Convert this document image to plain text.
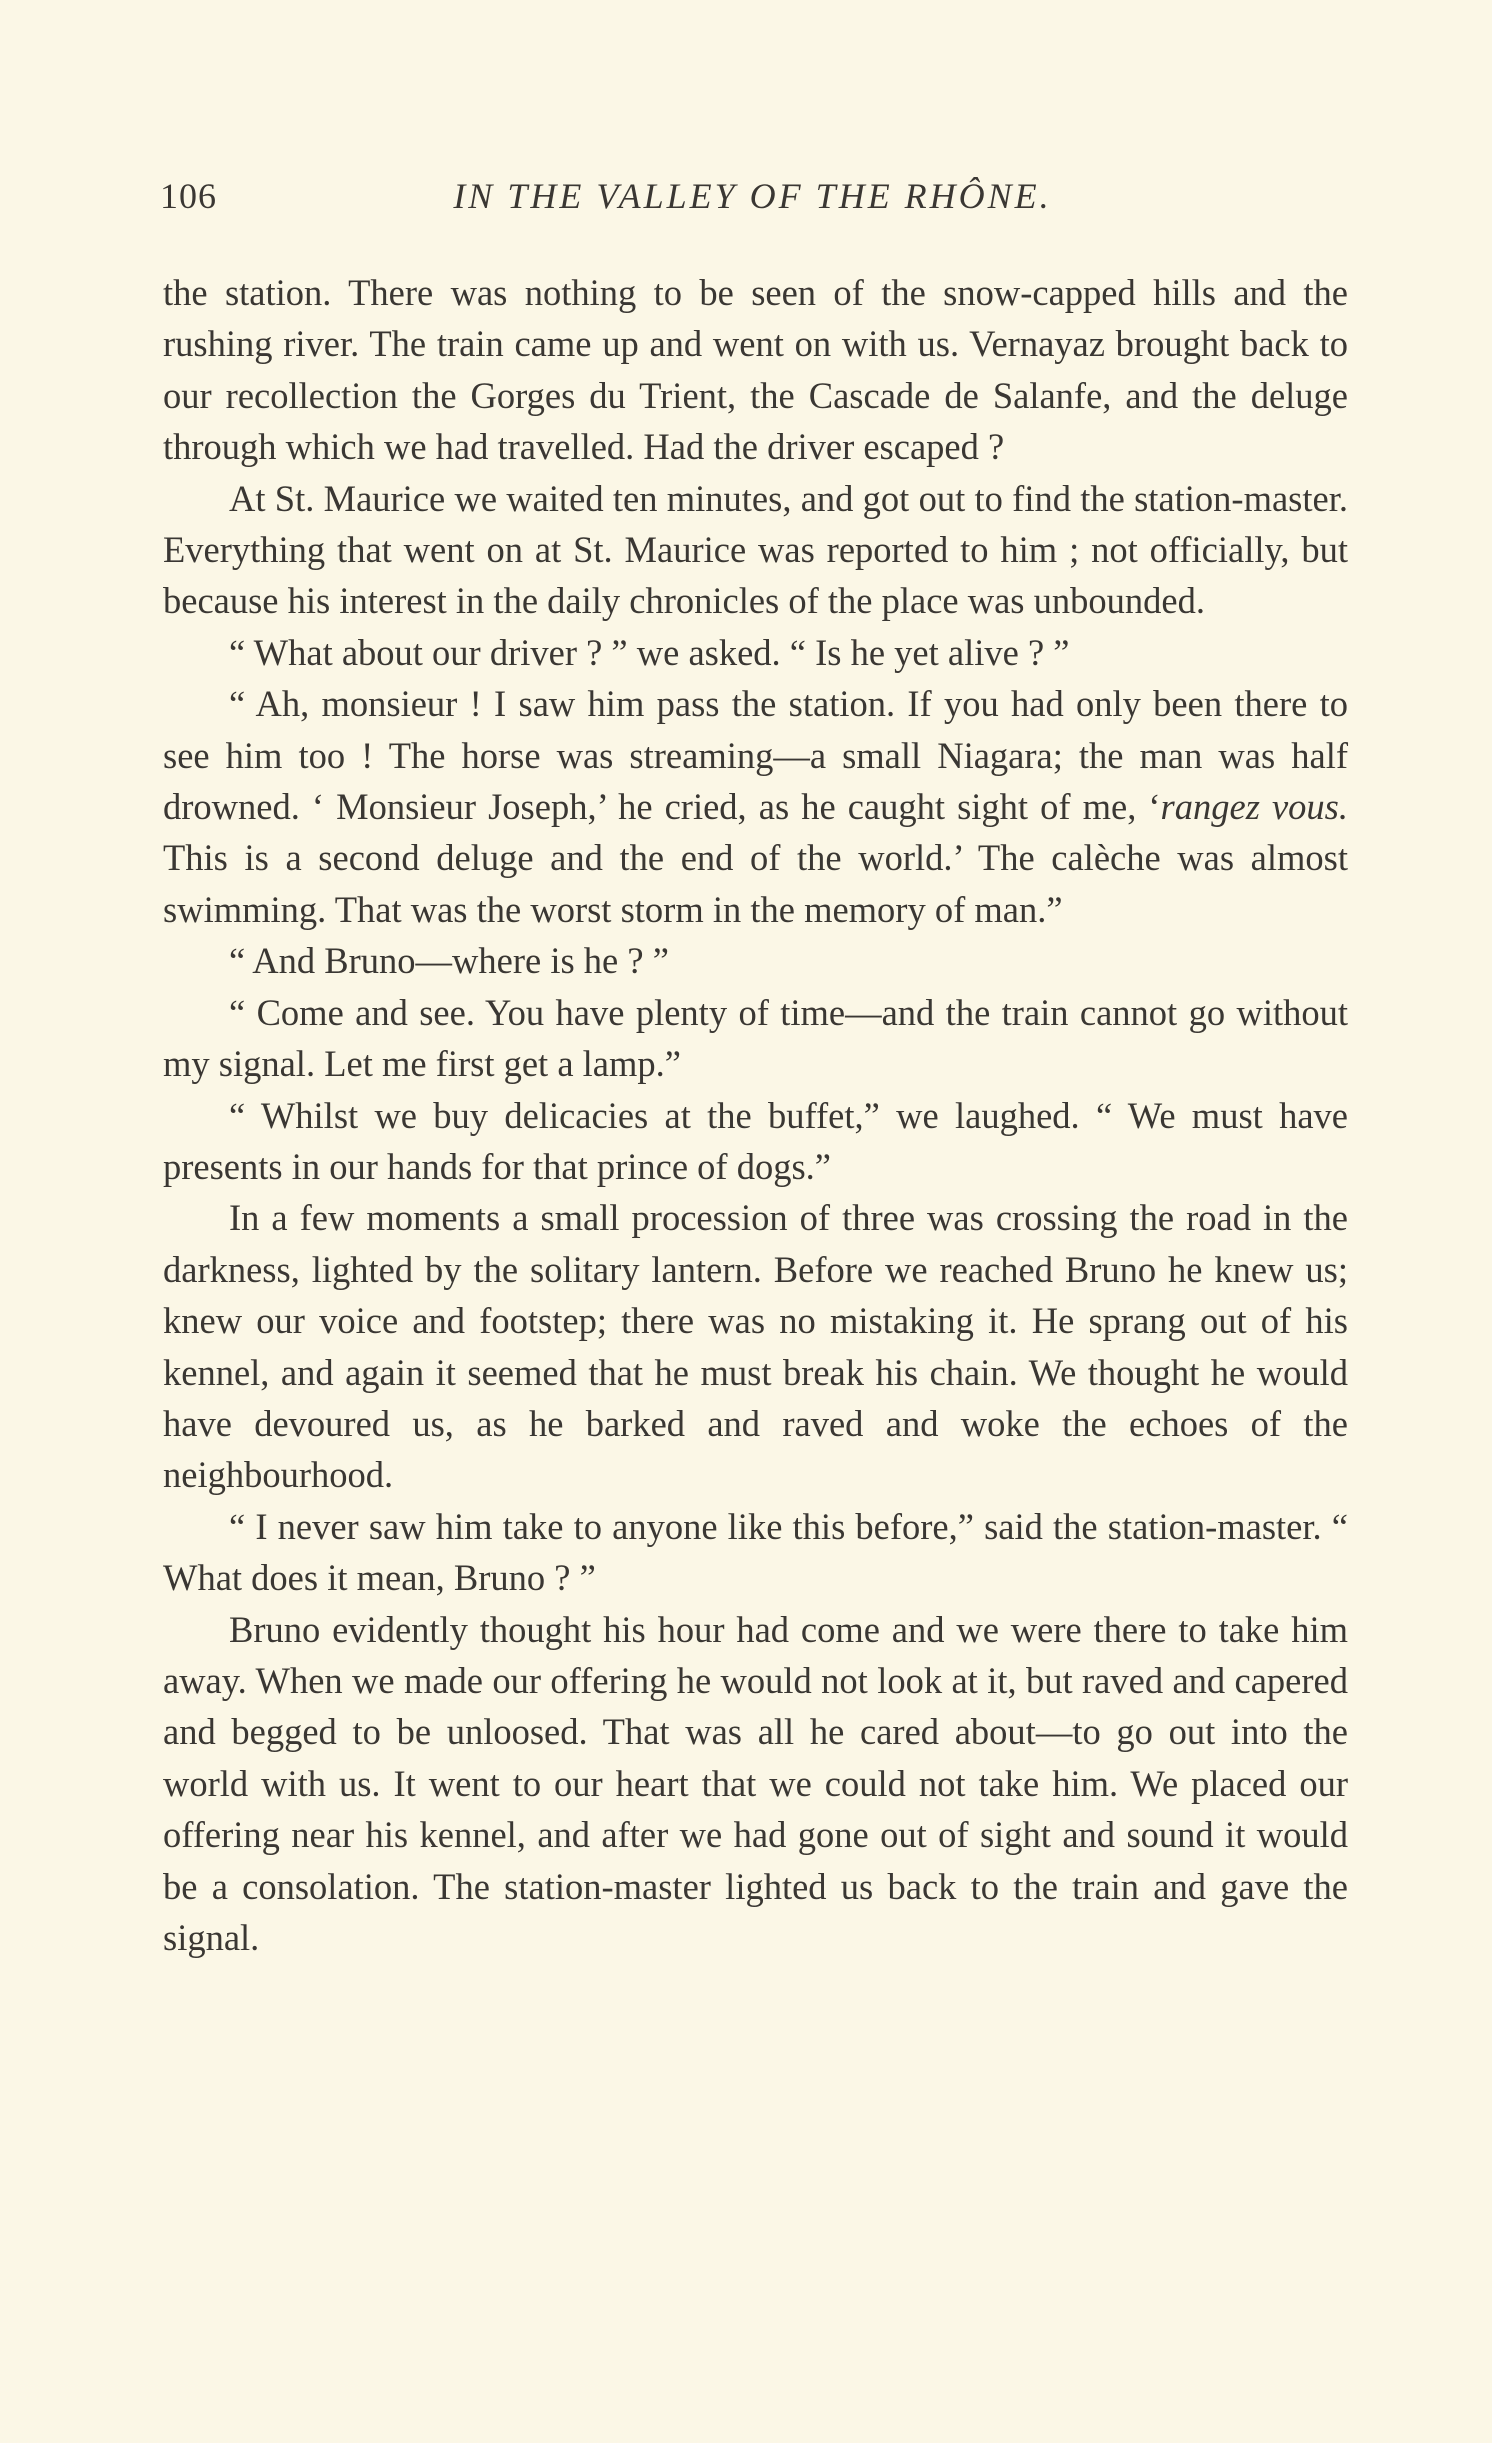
106	IN THE VALLEY OF THE RHÔNE.

the station. There was nothing to be seen of the snow-capped hills and the rushing river. The train came up and went on with us. Vernayaz brought back to our recollection the Gorges du Trient, the Cascade de Salanfe, and the deluge through which we had travelled. Had the driver escaped ?

At St. Maurice we waited ten minutes, and got out to find the station-master. Everything that went on at St. Maurice was reported to him ; not officially, but because his interest in the daily chronicles of the place was unbounded.

“ What about our driver ? ” we asked. “ Is he yet alive ? ”

“ Ah, monsieur ! I saw him pass the station. If you had only been there to see him too ! The horse was streaming—a small Niagara; the man was half drowned. ‘ Monsieur Joseph,’ he cried, as he caught sight of me, ‘rangez vous. This is a second deluge and the end of the world.’ The calèche was almost swimming. That was the worst storm in the memory of man.”

“ And Bruno—where is he ? ”

“ Come and see. You have plenty of time—and the train cannot go without my signal. Let me first get a lamp.”

“ Whilst we buy delicacies at the buffet,” we laughed. “ We must have presents in our hands for that prince of dogs.”

In a few moments a small procession of three was crossing the road in the darkness, lighted by the solitary lantern. Before we reached Bruno he knew us; knew our voice and footstep; there was no mistaking it. He sprang out of his kennel, and again it seemed that he must break his chain. We thought he would have devoured us, as he barked and raved and woke the echoes of the neighbourhood.

“ I never saw him take to anyone like this before,” said the station-master. “ What does it mean, Bruno ? ”

Bruno evidently thought his hour had come and we were there to take him away. When we made our offering he would not look at it, but raved and capered and begged to be unloosed. That was all he cared about—to go out into the world with us. It went to our heart that we could not take him. We placed our offering near his kennel, and after we had gone out of sight and sound it would be a consolation. The station-master lighted us back to the train and gave the signal.
